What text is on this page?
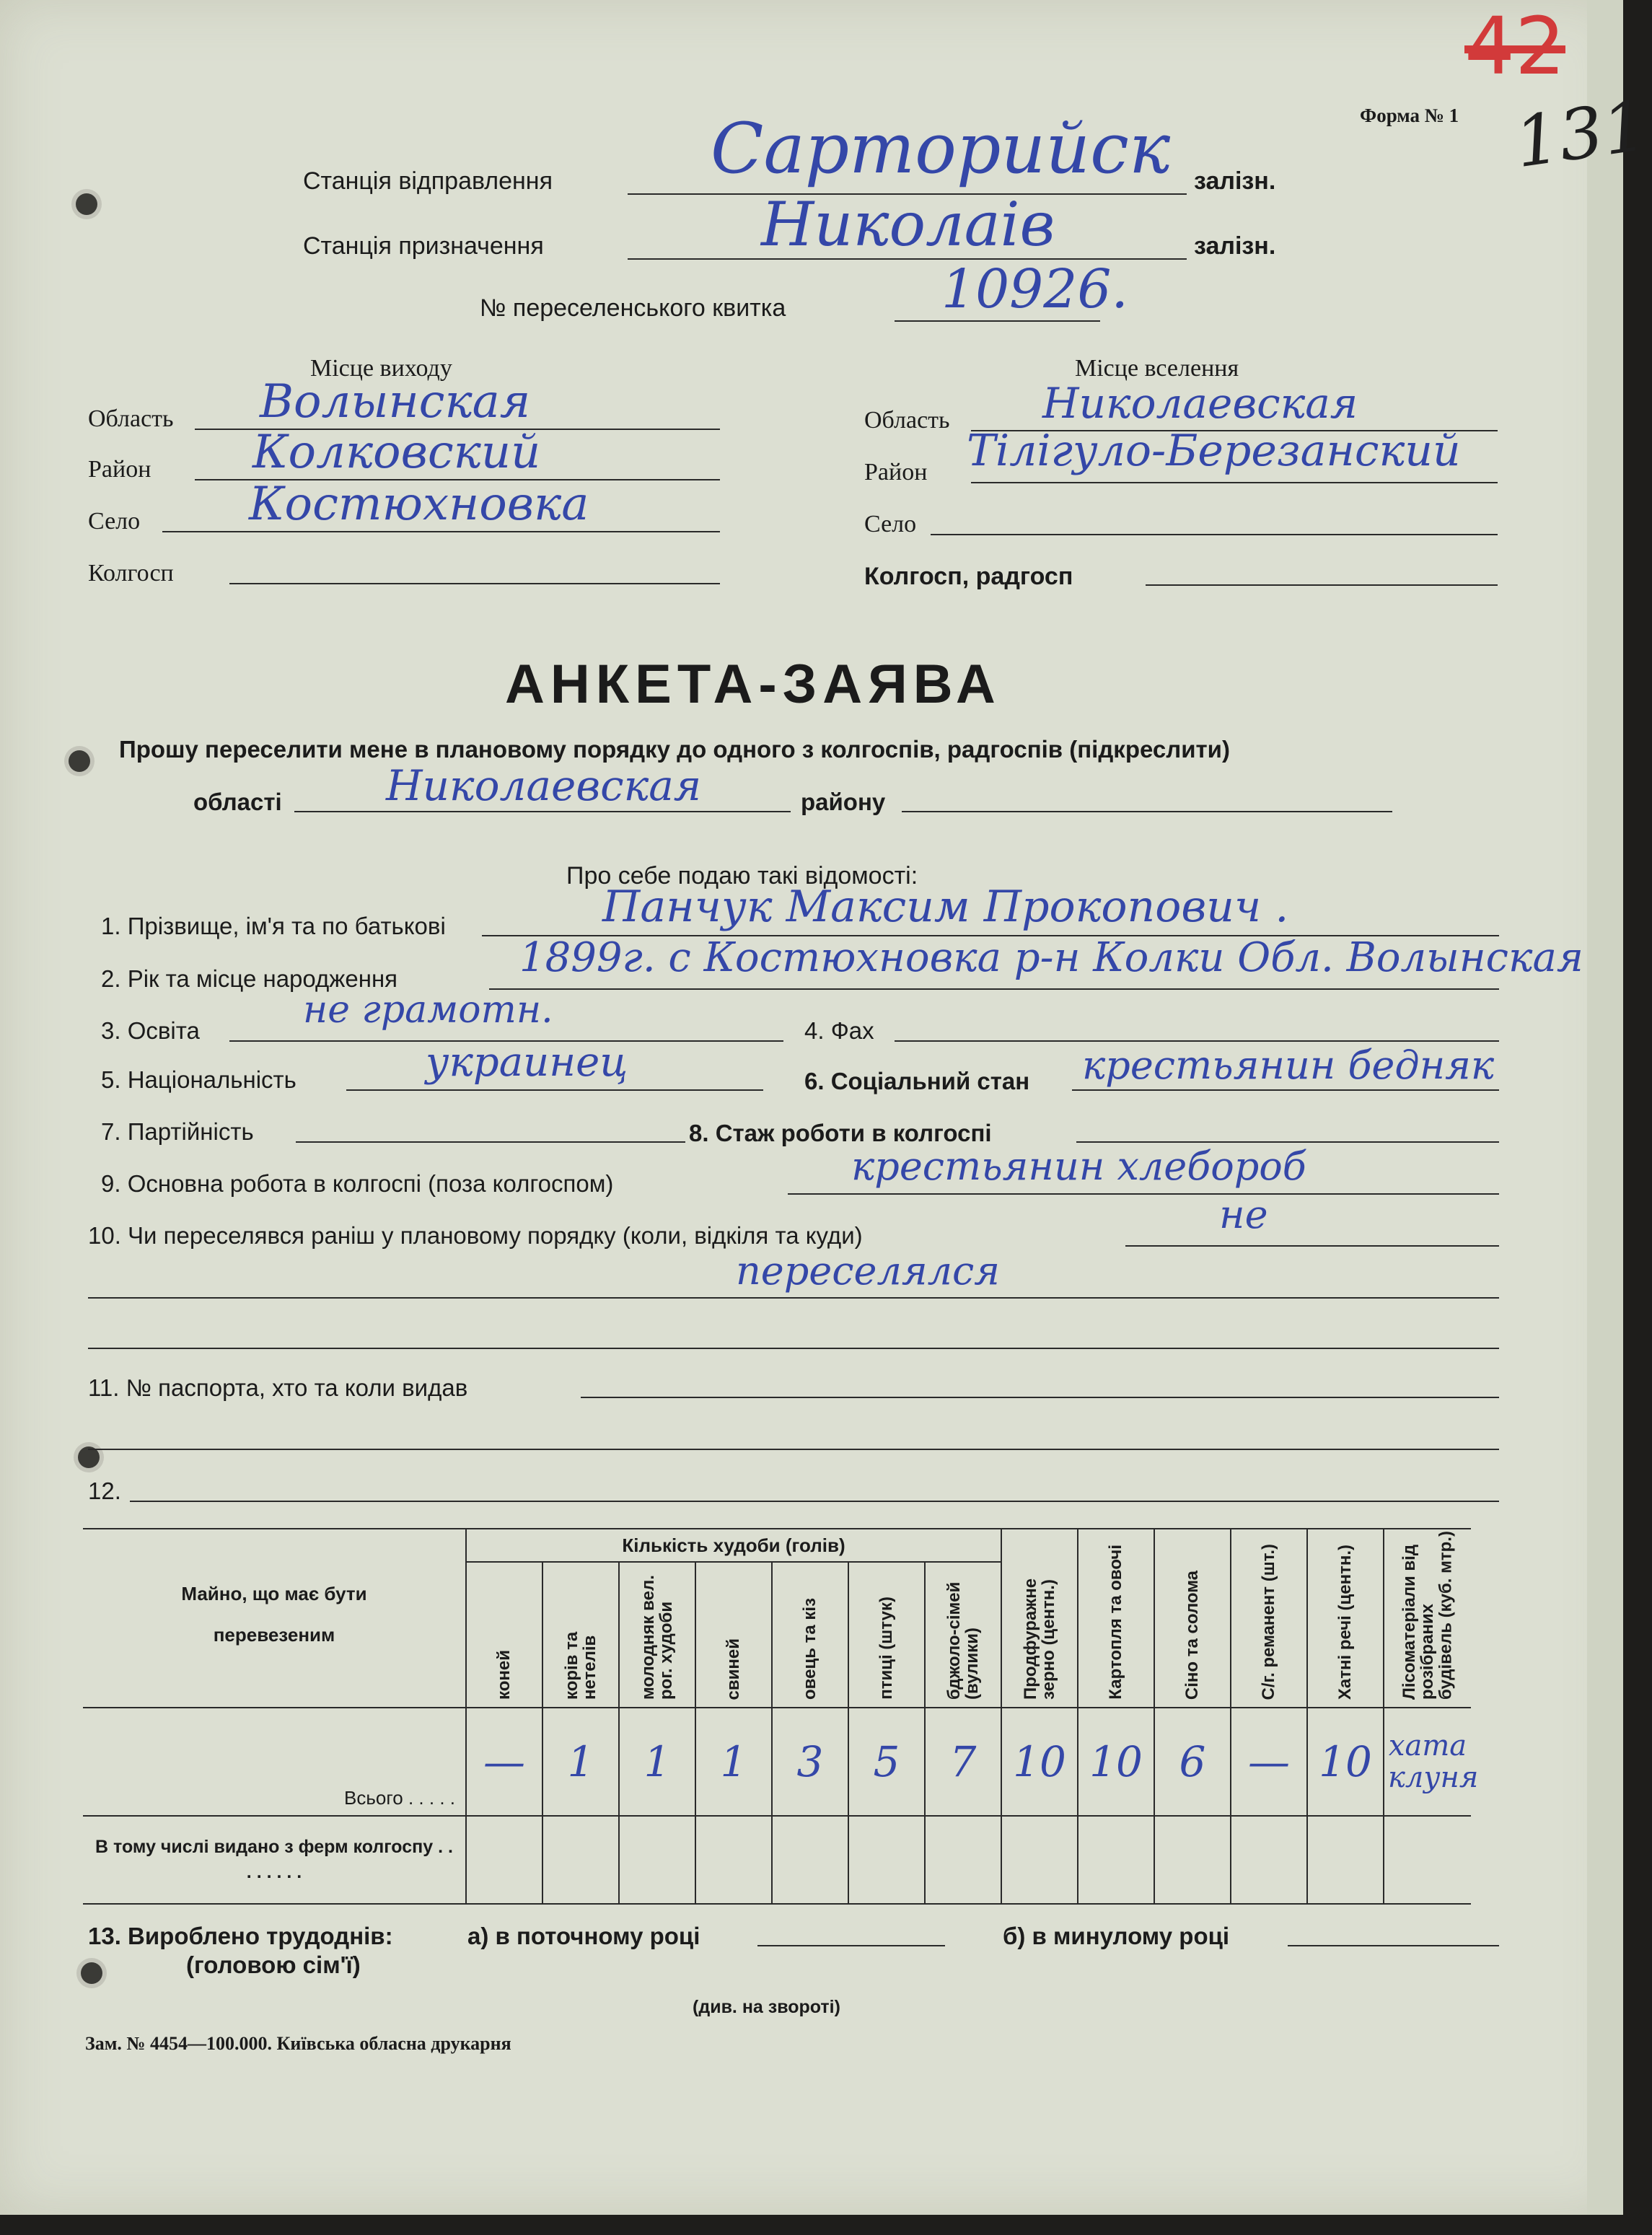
42
131
Форма № 1
Станція відправлення Сарторийск залізн.
Станція призначення	Николаів	залізн.
№ переселенського квитка	10926.
Місце виходу
Область Волынская
Район Колковский
Село Костюхновка
Колгосп
Місце вселення
Область Николаевская
Район Тілігуло-Березанский
Село
Колгосп, радгосп
АНКЕТА-ЗАЯВА
Прошу переселити мене в плановому порядку до одного з колгоспів, радгоспів (підкреслити)
області Николаевская	району
Про себе подаю такі відомості:
1. Прізвище, ім'я та по батькові	Панчук Максим Прокопович .
2. Рік та місце народження	1899г. с Костюхновка р-н Колки Обл. Волынская
3. Освіта	не грамотн.	4. Фах
5. Національність	украинец	6. Соціальний стан крестьянин бедняк
7. Партійність	8. Стаж роботи в колгоспі
9. Основна робота в колгоспі (поза колгоспом)	крестьянин хлебороб
10. Чи переселявся раніш у плановому порядку (коли, відкіля та куди)	не
переселялся
11. № паспорта, хто та коли видав
12.
Майно, що має бути перевезеним	Кількість худоби (голів)							Продфуражне зерно (центн.)	Картопля та овочі	Сіно та солома	С/г. реманент (шт.)	Хатні речі (центн.)	Лісоматеріали від розібраних будівель (куб. мтр.)

	коней	корів та нетелів	молодняк вел. рог. худоби	свиней	овець та кіз	птиці (штук)	бджоло-сімей (вулики)						

Всього . . . . .	—	1	1	1	3	5	7	10	10	6	—	10	хата клуня

В тому числі видано з ферм колгоспу . . . . . . . .													

13. Вироблено трудоднів:
(головою сім'ї)
а) в поточному році	б) в минулому році
(див. на звороті)
Зам. № 4454—100.000. Київська обласна друкарня
